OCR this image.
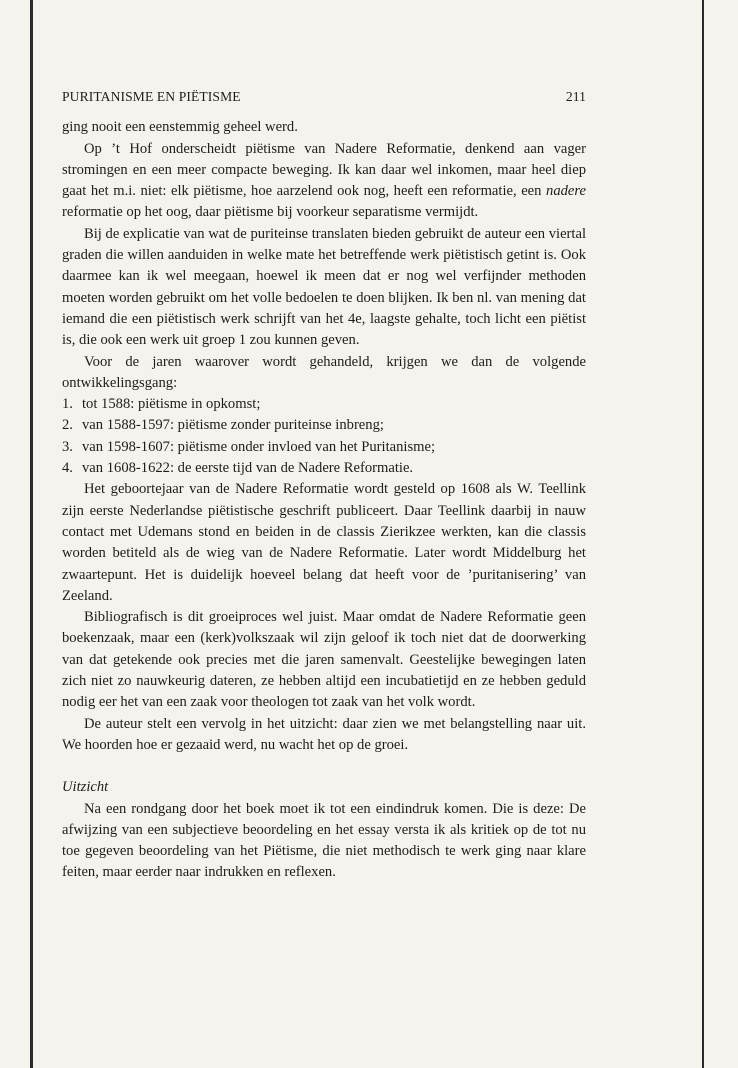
PURITANISME EN PIËTISME	211

ging nooit een eenstemmig geheel werd.

Op ’t Hof onderscheidt piëtisme van Nadere Reformatie, denkend aan vager stromingen en een meer compacte beweging. Ik kan daar wel inkomen, maar heel diep gaat het m.i. niet: elk piëtisme, hoe aarzelend ook nog, heeft een reformatie, een nadere reformatie op het oog, daar piëtisme bij voorkeur separatisme vermijdt.

Bij de explicatie van wat de puriteinse translaten bieden gebruikt de auteur een viertal graden die willen aanduiden in welke mate het betreffende werk piëtistisch getint is. Ook daarmee kan ik wel meegaan, hoewel ik meen dat er nog wel verfijnder methoden moeten worden gebruikt om het volle bedoelen te doen blijken. Ik ben nl. van mening dat iemand die een piëtistisch werk schrijft van het 4e, laagste gehalte, toch licht een piëtist is, die ook een werk uit groep 1 zou kunnen geven.

Voor de jaren waarover wordt gehandeld, krijgen we dan de volgende ontwikkelingsgang:

1. tot 1588: piëtisme in opkomst;
2. van 1588-1597: piëtisme zonder puriteinse inbreng;
3. van 1598-1607: piëtisme onder invloed van het Puritanisme;
4. van 1608-1622: de eerste tijd van de Nadere Reformatie.

Het geboortejaar van de Nadere Reformatie wordt gesteld op 1608 als W. Teellink zijn eerste Nederlandse piëtistische geschrift publiceert. Daar Teellink daarbij in nauw contact met Udemans stond en beiden in de classis Zierikzee werkten, kan die classis worden betiteld als de wieg van de Nadere Reformatie. Later wordt Middelburg het zwaartepunt. Het is duidelijk hoeveel belang dat heeft voor de ’puritanisering’ van Zeeland.

Bibliografisch is dit groeiproces wel juist. Maar omdat de Nadere Reformatie geen boekenzaak, maar een (kerk)volkszaak wil zijn geloof ik toch niet dat de doorwerking van dat getekende ook precies met die jaren samenvalt. Geestelijke bewegingen laten zich niet zo nauwkeurig dateren, ze hebben altijd een incubatietijd en ze hebben geduld nodig eer het van een zaak voor theologen tot zaak van het volk wordt.

De auteur stelt een vervolg in het uitzicht: daar zien we met belangstelling naar uit. We hoorden hoe er gezaaid werd, nu wacht het op de groei.

Uitzicht

Na een rondgang door het boek moet ik tot een eindindruk komen. Die is deze: De afwijzing van een subjectieve beoordeling en het essay versta ik als kritiek op de tot nu toe gegeven beoordeling van het Piëtisme, die niet methodisch te werk ging naar klare feiten, maar eerder naar indrukken en reflexen.
